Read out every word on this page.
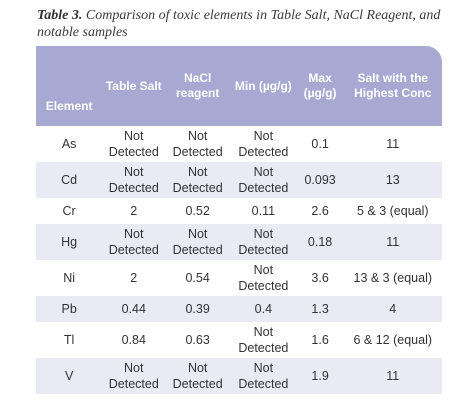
Table 3. Comparison of toxic elements in Table Salt, NaCl Reagent, and notable samples
Element	Table Salt	NaCl reagent	Min (µg/g)	Max (µg/g)	Salt with the Highest Conc
As	Not Detected	Not Detected	Not Detected	0.1	11
Cd	Not Detected	Not Detected	Not Detected	0.093	13
Cr	2	0.52	0.11	2.6	5 & 3 (equal)
Hg	Not Detected	Not Detected	Not Detected	0.18	11
Ni	2	0.54	Not Detected	3.6	13 & 3 (equal)
Pb	0.44	0.39	0.4	1.3	4
Tl	0.84	0.63	Not Detected	1.6	6 & 12 (equal)
V	Not Detected	Not Detected	Not Detected	1.9	11
